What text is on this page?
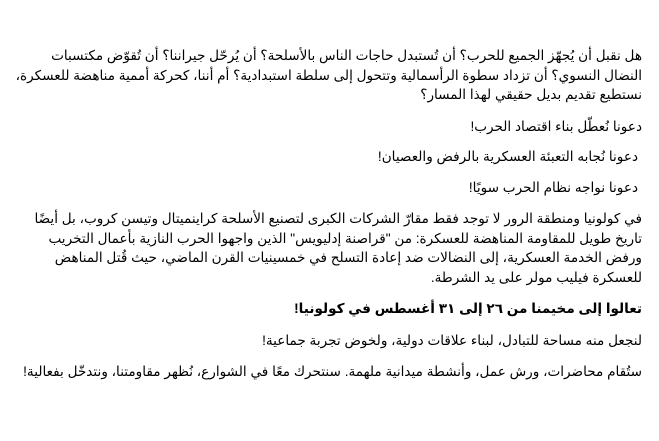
هل نقبل أن يُجهّز الجميع للحرب؟ أن تُستبدل حاجات الناس بالأسلحة؟ أن يُرحّل جيراننا؟ أن تُقوّض مكتسبات النضال النسوي؟ أن تزداد سطوة الرأسمالية وتتحول إلى سلطة استبدادية؟ أم أننا، كحركة أممية مناهضة للعسكرة، نستطيع تقديم بديل حقيقي لهذا المسار؟

دعونا نُعطّل بناء اقتصاد الحرب!

دعونا نُجابه التعبئة العسكرية بالرفض والعصيان!

دعونا نواجه نظام الحرب سويًا!

في كولونيا ومنطقة الرور لا توجد فقط مقارّ الشركات الكبرى لتصنيع الأسلحة كراينميتال وتيسن كروب، بل أيضًا تاريخ طويل للمقاومة المناهضة للعسكرة: من "قراصنة إدليويس" الذين واجهوا الحرب النازية بأعمال التخريب ورفض الخدمة العسكرية، إلى النضالات ضد إعادة التسلح في خمسينيات القرن الماضي، حيث قُتل المناهض للعسكرة فيليب مولر على يد الشرطة.

تعالوا إلى مخيمنا من ٢٦ إلى ٣١ أغسطس في كولونيا!

لنجعل منه مساحة للتبادل، لبناء علاقات دولية، ولخوض تجربة جماعية!

ستُقام محاضرات، ورش عمل، وأنشطة ميدانية ملهمة. سنتحرك معًا في الشوارع، نُظهر مقاومتنا، ونتدخّل بفعالية!
